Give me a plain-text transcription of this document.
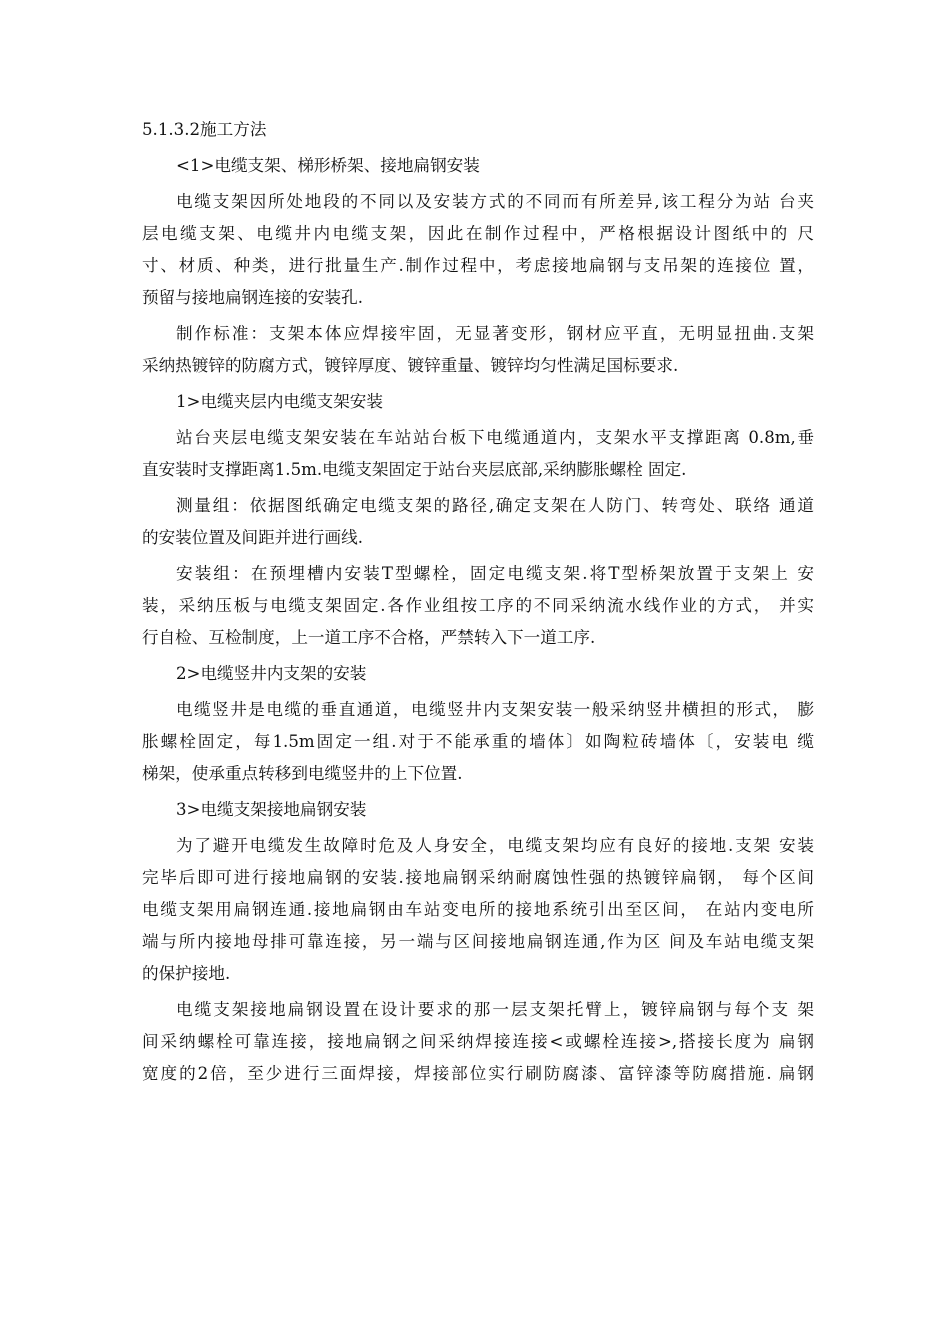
5.1.3.2施工方法
<1>电缆支架、梯形桥架、接地扁钢安装
电缆支架因所处地段的不同以及安装方式的不同而有所差异,该工程分为站 台夹
层电缆支架、电缆井内电缆支架，因此在制作过程中，严格根据设计图纸中的 尺
寸、材质、种类，进行批量生产.制作过程中，考虑接地扁钢与支吊架的连接位 置，
预留与接地扁钢连接的安装孔.
制作标准：支架本体应焊接牢固，无显著变形，钢材应平直，无明显扭曲.支架
采纳热镀锌的防腐方式，镀锌厚度、镀锌重量、镀锌均匀性满足国标要求.
1>电缆夹层内电缆支架安装
站台夹层电缆支架安装在车站站台板下电缆通道内，支架水平支撑距离 0.8m,垂
直安装时支撑距离1.5m.电缆支架固定于站台夹层底部,采纳膨胀螺栓 固定.
测量组：依据图纸确定电缆支架的路径,确定支架在人防门、转弯处、联络 通道
的安装位置及间距并进行画线.
安装组：在预埋槽内安装T型螺栓，固定电缆支架.将T型桥架放置于支架上 安
装，采纳压板与电缆支架固定.各作业组按工序的不同采纳流水线作业的方式， 并实
行自检、互检制度，上一道工序不合格，严禁转入下一道工序.
2>电缆竖井内支架的安装
电缆竖井是电缆的垂直通道，电缆竖井内支架安装一般采纳竖井横担的形式， 膨
胀螺栓固定，每1.5m固定一组.对于不能承重的墙体〕如陶粒砖墙体〔，安装电 缆
梯架，使承重点转移到电缆竖井的上下位置.
3>电缆支架接地扁钢安装
为了避开电缆发生故障时危及人身安全，电缆支架均应有良好的接地.支架 安装
完毕后即可进行接地扁钢的安装.接地扁钢采纳耐腐蚀性强的热镀锌扁钢， 每个区间
电缆支架用扁钢连通.接地扁钢由车站变电所的接地系统引出至区间， 在站内变电所
端与所内接地母排可靠连接，另一端与区间接地扁钢连通,作为区 间及车站电缆支架
的保护接地.
电缆支架接地扁钢设置在设计要求的那一层支架托臂上，镀锌扁钢与每个支 架
间采纳螺栓可靠连接，接地扁钢之间采纳焊接连接<或螺栓连接>,搭接长度为 扁钢
宽度的2倍，至少进行三面焊接，焊接部位实行刷防腐漆、富锌漆等防腐措施. 扁钢
